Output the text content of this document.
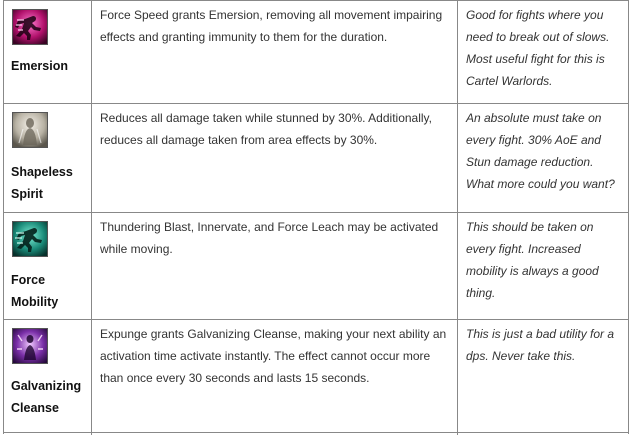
Emersion
Force Speed grants Emersion, removing all movement impairing effects and granting immunity to them for the duration.
Good for fights where you need to break out of slows. Most useful fight for this is Cartel Warlords.
Shapeless Spirit
Reduces all damage taken while stunned by 30%. Additionally, reduces all damage taken from area effects by 30%.
An absolute must take on every fight. 30% AoE and Stun damage reduction. What more could you want?
Force Mobility
Thundering Blast, Innervate, and Force Leach may be activated while moving.
This should be taken on every fight. Increased mobility is always a good thing.
Galvanizing Cleanse
Expunge grants Galvanizing Cleanse, making your next ability an activation time activate instantly. The effect cannot occur more than once every 30 seconds and lasts 15 seconds.
This is just a bad utility for a dps. Never take this.
